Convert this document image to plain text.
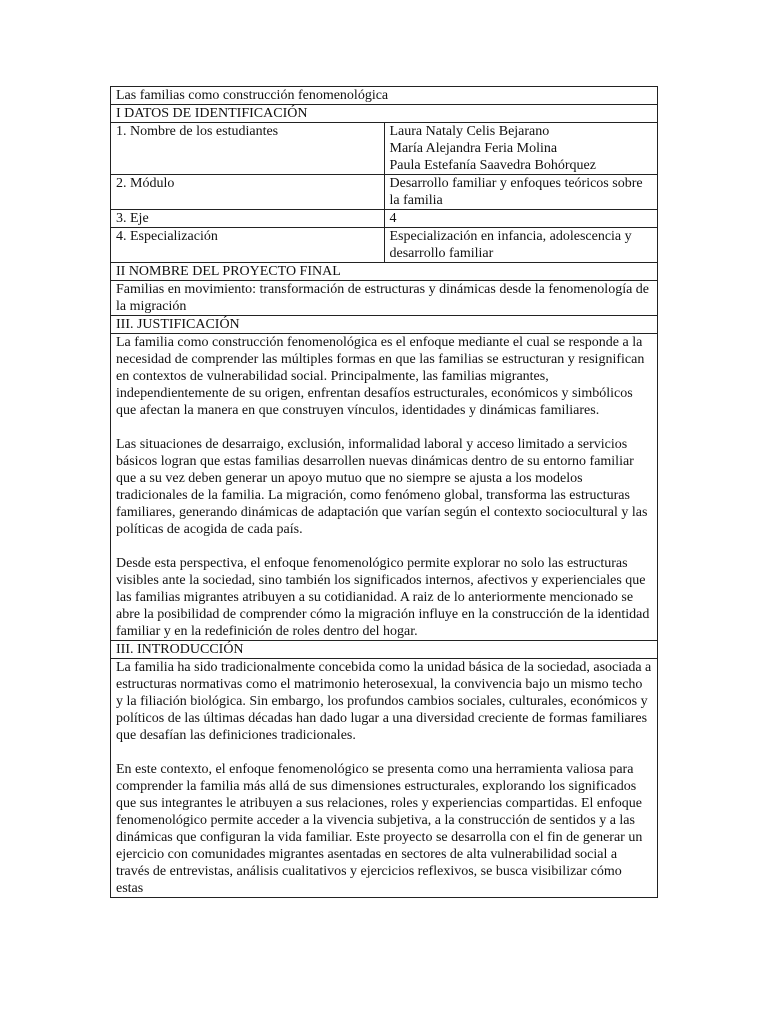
Las familias como construcción fenomenológica	
I DATOS DE IDENTIFICACIÓN	
1. Nombre de los estudiantes	Laura Nataly Celis Bejarano
María Alejandra Feria Molina
Paula Estefanía Saavedra Bohórquez

2. Módulo	Desarrollo familiar y enfoques teóricos sobre la familia
3. Eje	4
4. Especialización	Especialización en infancia, adolescencia y desarrollo familiar
II NOMBRE DEL PROYECTO FINAL	
Familias en movimiento: transformación de estructuras y dinámicas desde la fenomenología de la migración	
III. JUSTIFICACIÓN	

La familia como construcción fenomenológica es el enfoque mediante el cual se responde a la necesidad de comprender las múltiples formas en que las familias se estructuran y resignifican en contextos de vulnerabilidad social. Principalmente, las familias migrantes, independientemente de su origen, enfrentan desafíos estructurales, económicos y simbólicos que afectan la manera en que construyen vínculos, identidades y dinámicas familiares.

Las situaciones de desarraigo, exclusión, informalidad laboral y acceso limitado a servicios básicos logran que estas familias desarrollen nuevas dinámicas dentro de su entorno familiar que a su vez deben generar un apoyo mutuo que no siempre se ajusta a los modelos tradicionales de la familia. La migración, como fenómeno global, transforma las estructuras familiares, generando dinámicas de adaptación que varían según el contexto sociocultural y las políticas de acogida de cada país.

Desde esta perspectiva, el enfoque fenomenológico permite explorar no solo las estructuras visibles ante la sociedad, sino también los significados internos, afectivos y experienciales que las familias migrantes atribuyen a su cotidianidad. A raiz de lo anteriormente mencionado se abre la posibilidad de comprender cómo la migración influye en la construcción de la identidad familiar y en la redefinición de roles dentro del hogar.	

III. INTRODUCCIÓN	

La familia ha sido tradicionalmente concebida como la unidad básica de la sociedad, asociada a estructuras normativas como el matrimonio heterosexual, la convivencia bajo un mismo techo y la filiación biológica. Sin embargo, los profundos cambios sociales, culturales, económicos y políticos de las últimas décadas han dado lugar a una diversidad creciente de formas familiares que desafían las definiciones tradicionales.

En este contexto, el enfoque fenomenológico se presenta como una herramienta valiosa para comprender la familia más allá de sus dimensiones estructurales, explorando los significados que sus integrantes le atribuyen a sus relaciones, roles y experiencias compartidas. El enfoque fenomenológico permite acceder a la vivencia subjetiva, a la construcción de sentidos y a las dinámicas que configuran la vida familiar. Este proyecto se desarrolla con el fin de generar un ejercicio con comunidades migrantes asentadas en sectores de alta vulnerabilidad social a través de entrevistas, análisis cualitativos y ejercicios reflexivos, se busca visibilizar cómo estas	
